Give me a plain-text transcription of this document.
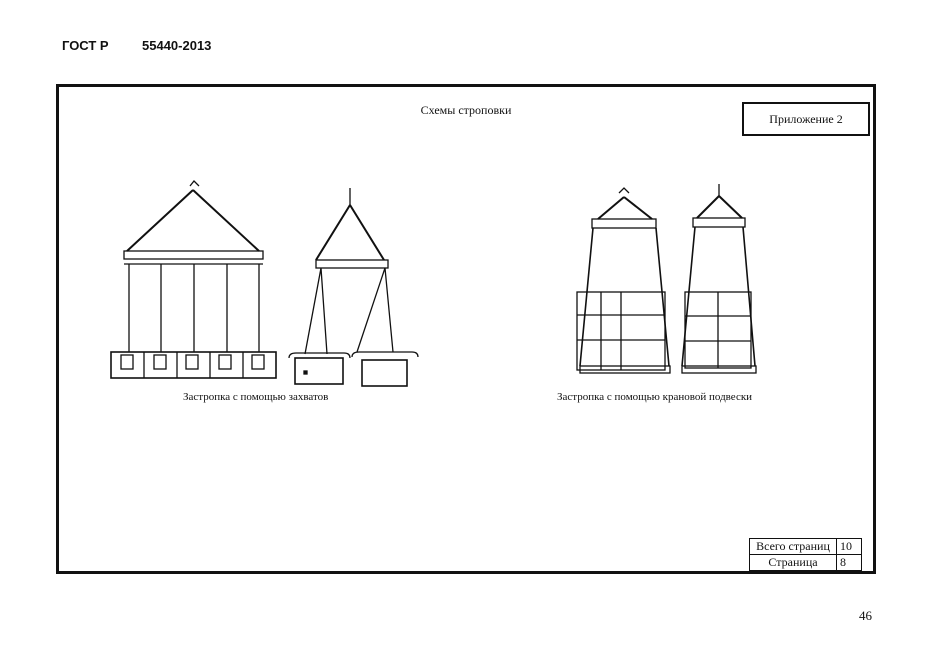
ГОСТ Р	55440-2013
Схемы строповки
Приложение 2
Застропка с помощью захватов	Застропка с помощью крановой подвески
Всего страниц	10
Страница	8
46
